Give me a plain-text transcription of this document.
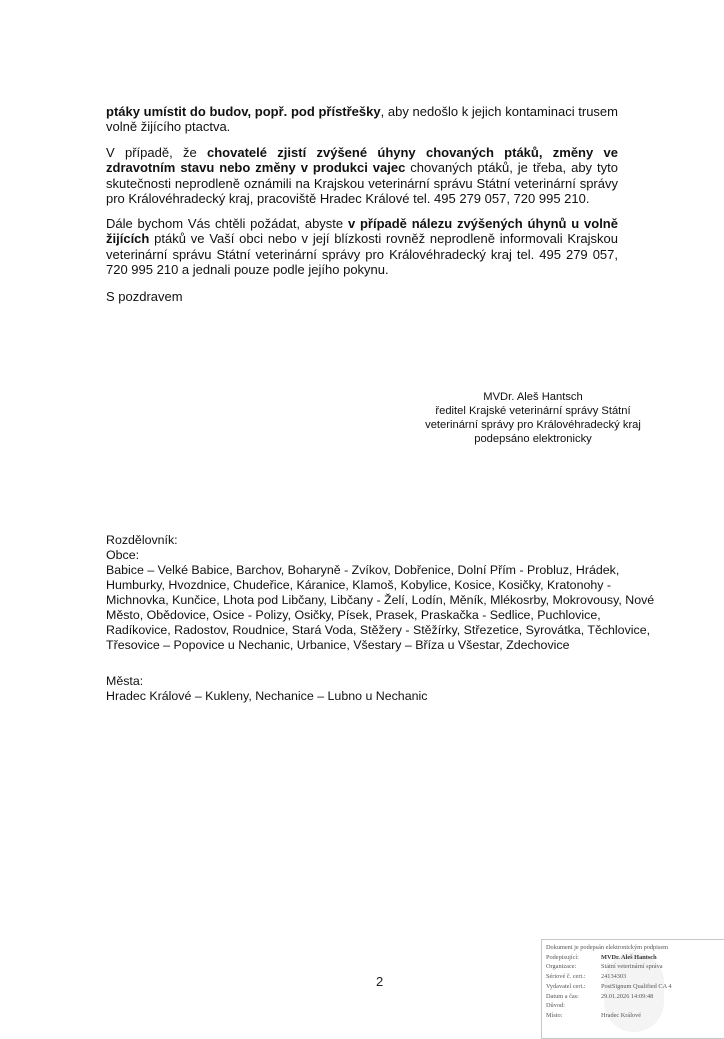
ptáky umístit do budov, popř. pod přístřešky, aby nedošlo k jejich kontaminaci trusem volně žijícího ptactva.

V případě, že chovatelé zjistí zvýšené úhyny chovaných ptáků, změny ve zdravotním stavu nebo změny v produkci vajec chovaných ptáků, je třeba, aby tyto skutečnosti neprodleně oznámili na Krajskou veterinární správu Státní veterinární správy pro Královéhradecký kraj, pracoviště Hradec Králové tel. 495 279 057, 720 995 210.

Dále bychom Vás chtěli požádat, abyste v případě nálezu zvýšených úhynů u volně žijících ptáků ve Vaší obci nebo v její blízkosti rovněž neprodleně informovali Krajskou veterinární správu Státní veterinární správy pro Královéhradecký kraj tel. 495 279 057, 720 995 210 a jednali pouze podle jejího pokynu.

S pozdravem

MVDr. Aleš Hantsch
ředitel Krajské veterinární správy Státní
veterinární správy pro Královéhradecký kraj
podepsáno elektronicky
Rozdělovník:
Obce:
Babice – Velké Babice, Barchov, Boharyně - Zvíkov, Dobřenice, Dolní Přím - Probluz, Hrádek,
Humburky, Hvozdnice, Chudeřice, Káranice, Klamoš, Kobylice, Kosice, Kosičky, Kratonohy -
Michnovka, Kunčice, Lhota pod Libčany, Libčany - Želí, Lodín, Měník, Mlékosrby, Mokrovousy, Nové
Město, Obědovice, Osice - Polizy, Osičky, Písek, Prasek, Praskačka - Sedlice, Puchlovice,
Radíkovice, Radostov, Roudnice, Stará Voda, Stěžery - Stěžírky, Střezetice, Syrovátka, Těchlovice,
Třesovice – Popovice u Nechanic, Urbanice, Všestary – Bříza u Všestar, Zdechovice
Města:
Hradec Králové – Kukleny, Nechanice – Lubno u Nechanic
2
Dokument je podepsán elektronickým podpisem
Podepisující:	MVDr. Aleš Hantsch
Organizace:	Státní veterinární správa
Sériové č. cert.:	24134303
Vydavatel cert.:	PostSignum Qualified CA 4
Datum a čas:	29.01.2026 14:09:48
Důvod:
Místo:	Hradec Králové
